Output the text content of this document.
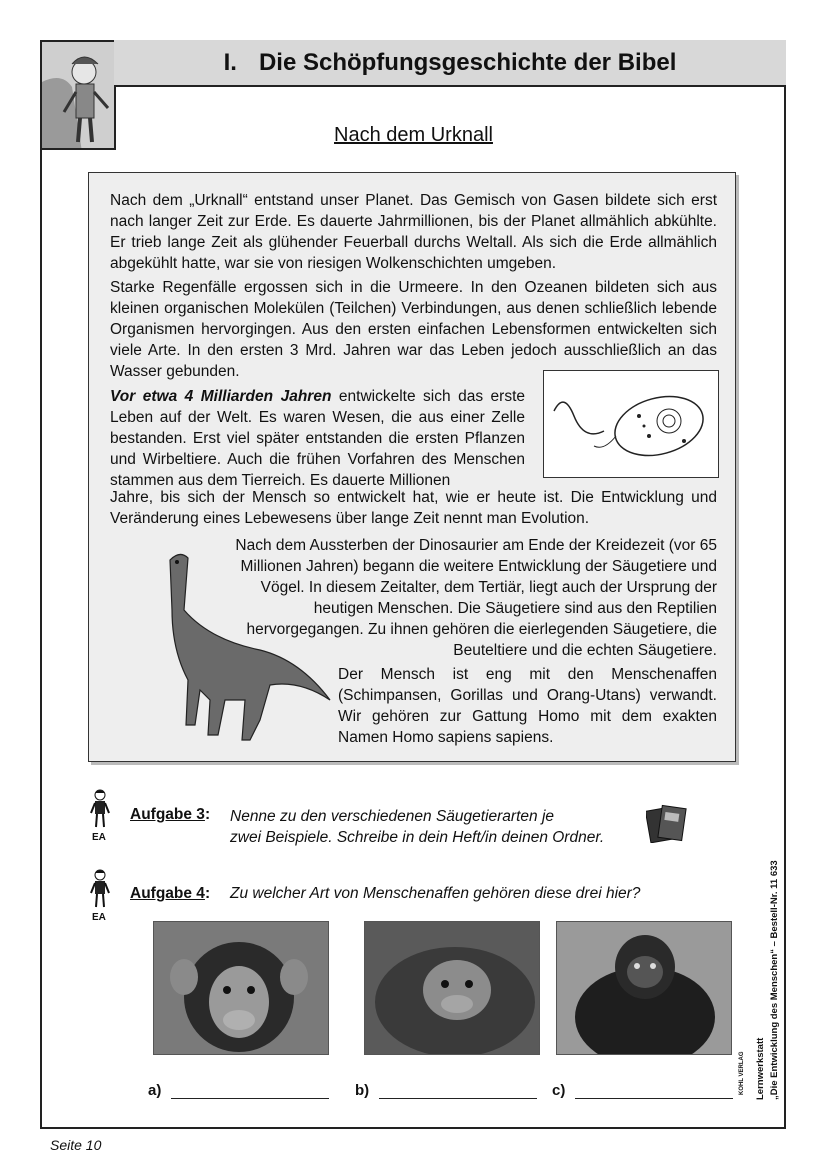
I. Die Schöpfungsgeschichte der Bibel
Nach dem Urknall
Nach dem „Urknall“ entstand unser Planet. Das Gemisch von Gasen bildete sich erst nach langer Zeit zur Erde. Es dauerte Jahrmillionen, bis der Planet allmählich abkühlte. Er trieb lange Zeit als glühender Feuerball durchs Weltall. Als sich die Erde allmählich abgekühlt hatte, war sie von riesigen Wolkenschichten umgeben.
Starke Regenfälle ergossen sich in die Urmeere. In den Ozeanen bildeten sich aus kleinen organischen Molekülen (Teilchen) Verbindungen, aus denen schließlich lebende Organismen hervorgingen. Aus den ersten einfachen Lebensformen entwickelten sich viele Arte. In den ersten 3 Mrd. Jahren war das Leben jedoch ausschließlich an das Wasser gebunden.
Vor etwa 4 Milliarden Jahren entwickelte sich das erste Leben auf der Welt. Es waren Wesen, die aus einer Zelle bestanden. Erst viel später entstanden die ersten Pflanzen und Wirbeltiere. Auch die frühen Vorfahren des Menschen stammen aus dem Tierreich. Es dauerte Millionen
Jahre, bis sich der Mensch so entwickelt hat, wie er heute ist. Die Entwicklung und Veränderung eines Lebewesens über lange Zeit nennt man Evolution.
Nach dem Aussterben der Dinosaurier am Ende der Kreidezeit (vor 65 Millionen Jahren) begann die weitere Entwicklung der Säugetiere und Vögel. In diesem Zeitalter, dem Tertiär, liegt auch der Ursprung der heutigen Menschen. Die Säugetiere sind aus den Reptilien hervorgegangen. Zu ihnen gehören die eierlegenden Säugetiere, die Beuteltiere und die echten Säugetiere.
Der Mensch ist eng mit den Menschenaffen (Schimpansen, Gorillas und Orang-Utans) verwandt. Wir gehören zur Gattung Homo mit dem exakten Namen Homo sapiens sapiens.
EA
Aufgabe 3: Nenne zu den verschiedenen Säugetierarten je
zwei Beispiele. Schreibe in dein Heft/in deinen Ordner.
EA
Aufgabe 4: Zu welcher Art von Menschenaffen gehören diese drei hier?
a)	b)	c)	Lernwerkstatt „Die Entwicklung des Menschen“ – Bestell-Nr. 11 633
KOHL VERLAG
Seite 10
